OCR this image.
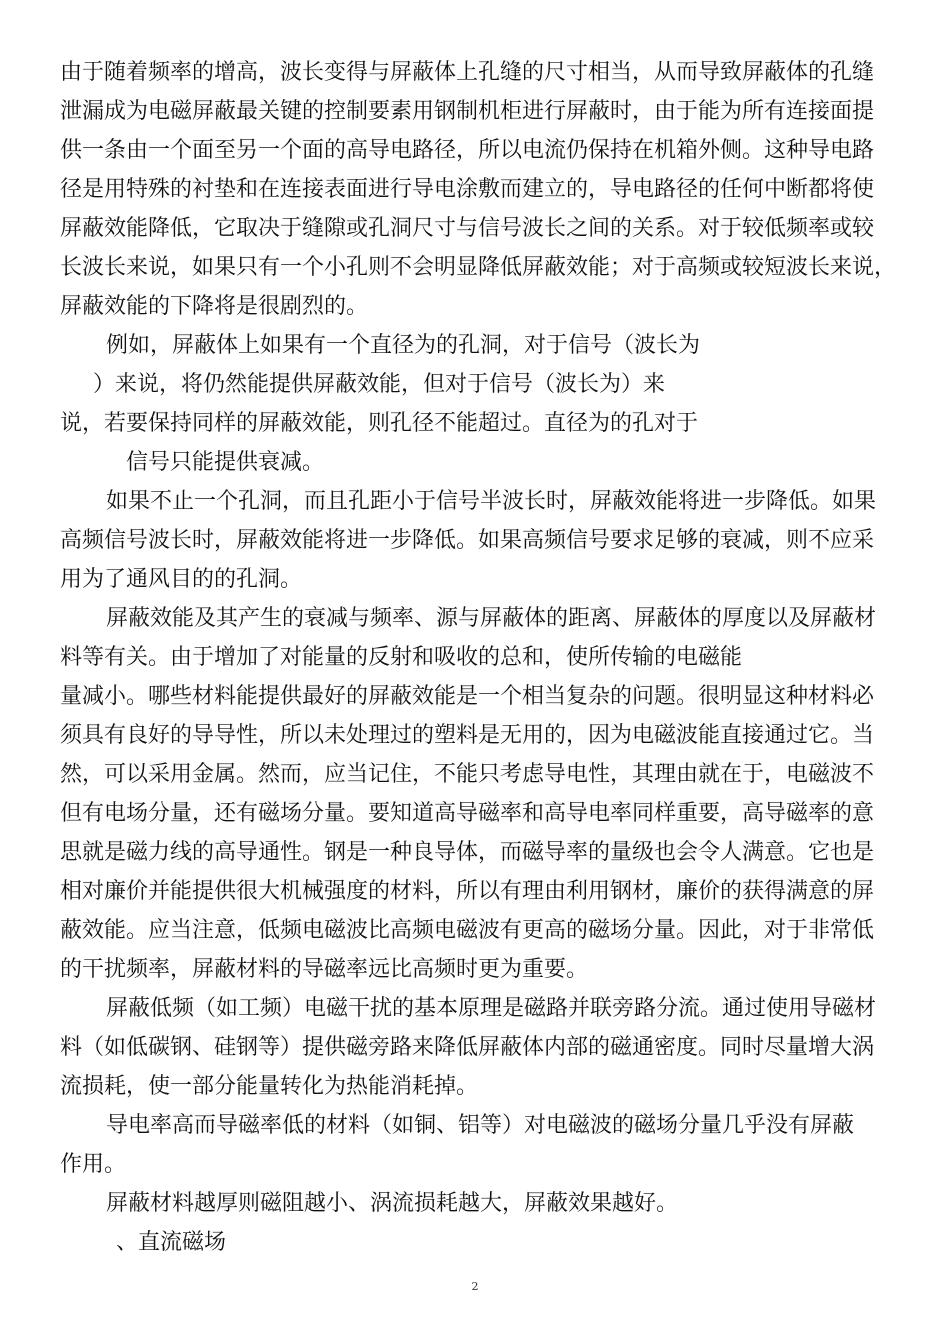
由于随着频率的增高，波长变得与屏蔽体上孔缝的尺寸相当，从而导致屏蔽体的孔缝
泄漏成为电磁屏蔽最关键的控制要素用钢制机柜进行屏蔽时，由于能为所有连接面提
供一条由一个面至另一个面的高导电路径，所以电流仍保持在机箱外侧。这种导电路
径是用特殊的衬垫和在连接表面进行导电涂敷而建立的，导电路径的任何中断都将使
屏蔽效能降低，它取决于缝隙或孔洞尺寸与信号波长之间的关系。对于较低频率或较
长波长来说，如果只有一个小孔则不会明显降低屏蔽效能；对于高频或较短波长来说，
屏蔽效能的下降将是很剧烈的。
例如，屏蔽体上如果有一个直径为的孔洞，对于信号（波长为
）来说，将仍然能提供屏蔽效能，但对于信号（波长为）来
说，若要保持同样的屏蔽效能，则孔径不能超过。直径为的孔对于
信号只能提供衰减。
如果不止一个孔洞，而且孔距小于信号半波长时，屏蔽效能将进一步降低。如果
高频信号波长时，屏蔽效能将进一步降低。如果高频信号要求足够的衰减，则不应采
用为了通风目的的孔洞。
屏蔽效能及其产生的衰减与频率、源与屏蔽体的距离、屏蔽体的厚度以及屏蔽材
料等有关。由于增加了对能量的反射和吸收的总和，使所传输的电磁能
量减小。哪些材料能提供最好的屏蔽效能是一个相当复杂的问题。很明显这种材料必
须具有良好的导导性，所以未处理过的塑料是无用的，因为电磁波能直接通过它。当
然，可以采用金属。然而，应当记住，不能只考虑导电性，其理由就在于，电磁波不
但有电场分量，还有磁场分量。要知道高导磁率和高导电率同样重要，高导磁率的意
思就是磁力线的高导通性。钢是一种良导体，而磁导率的量级也会令人满意。它也是
相对廉价并能提供很大机械强度的材料，所以有理由利用钢材，廉价的获得满意的屏
蔽效能。应当注意，低频电磁波比高频电磁波有更高的磁场分量。因此，对于非常低
的干扰频率，屏蔽材料的导磁率远比高频时更为重要。
屏蔽低频（如工频）电磁干扰的基本原理是磁路并联旁路分流。通过使用导磁材
料（如低碳钢、硅钢等）提供磁旁路来降低屏蔽体内部的磁通密度。同时尽量增大涡
流损耗，使一部分能量转化为热能消耗掉。
导电率高而导磁率低的材料（如铜、铝等）对电磁波的磁场分量几乎没有屏蔽
作用。
屏蔽材料越厚则磁阻越小、涡流损耗越大，屏蔽效果越好。
、直流磁场
2
